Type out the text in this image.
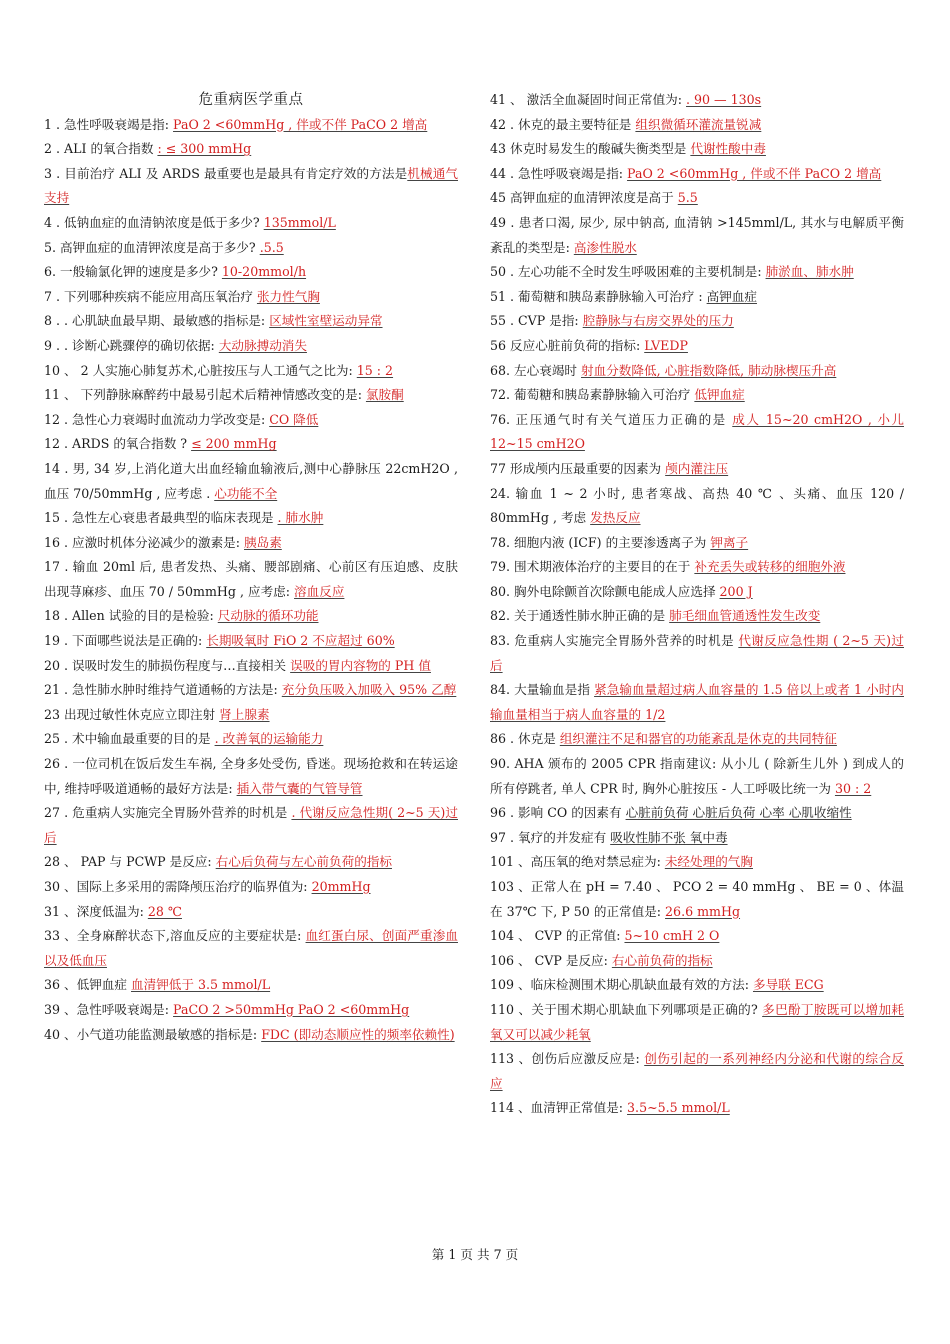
危重病医学重点
1 . 急性呼吸衰竭是指: PaO 2 <60mmHg , 伴或不伴 PaCO 2 增高
2 . ALI 的氧合指数 : ≤ 300 mmHg
3 . 目前治疗 ALI 及 ARDS 最重要也是最具有肯定疗效的方法是机械通气支持
4 . 低钠血症的血清钠浓度是低于多少? 135mmol/L
5. 高钾血症的血清钾浓度是高于多少? .5.5
6. 一般输氯化钾的速度是多少? 10-20mmol/h
7 . 下列哪种疾病不能应用高压氧治疗 张力性气胸
8 . . 心肌缺血最早期、最敏感的指标是: 区域性室壁运动异常
9 . . 诊断心跳骤停的确切依据: 大动脉搏动消失
10 、 2 人实施心肺复苏术,心脏按压与人工通气之比为: 15 : 2
11 、 下列静脉麻醉药中最易引起术后精神情感改变的是: 氯胺酮
12 . 急性心力衰竭时血流动力学改变是: CO 降低
12 . ARDS 的氧合指数 ? ≤ 200 mmHg
14 . 男, 34 岁,上消化道大出血经输血输液后,测中心静脉压 22cmH2O , 血压 70/50mmHg , 应考虑 . 心功能不全
15 . 急性左心衰患者最典型的临床表现是 . 肺水肿
16 . 应激时机体分泌减少的激素是: 胰岛素
17 . 输血 20ml 后, 患者发热、头痛、腰部剧痛、心前区有压迫感、皮肤出现荨麻疹、血压 70 / 50mmHg , 应考虑: 溶血反应
18 . Allen 试验的目的是检验: 尺动脉的循环功能
19 . 下面哪些说法是正确的: 长期吸氧时 FiO 2 不应超过 60%
20 . 误吸时发生的肺损伤程度与…直接相关 误吸的胃内容物的 PH 值
21 . 急性肺水肿时维持气道通畅的方法是: 充分负压吸入加吸入 95% 乙醇
23 出现过敏性休克应立即注射 肾上腺素
25 . 术中输血最重要的目的是 . 改善氧的运输能力
26 . 一位司机在饭后发生车祸, 全身多处受伤, 昏迷。现场抢救和在转运途中, 维持呼吸道通畅的最好方法是: 插入带气囊的气管导管
27 . 危重病人实施完全胃肠外营养的时机是 . 代谢反应急性期( 2~5 天)过后
28 、 PAP 与 PCWP 是反应: 右心后负荷与左心前负荷的指标
30 、国际上多采用的需降颅压治疗的临界值为: 20mmHg
31 、深度低温为: 28 ℃
33 、全身麻醉状态下,溶血反应的主要症状是: 血红蛋白尿、创面严重渗血以及低血压
36 、低钾血症 血清钾低于 3.5 mmol/L
39 、急性呼吸衰竭是: PaCO 2 >50mmHg PaO 2 <60mmHg
40 、小气道功能监测最敏感的指标是: FDC (即动态顺应性的频率依赖性)
41 、 激活全血凝固时间正常值为: . 90 — 130s
42 . 休克的最主要特征是 组织微循环灌流量锐减
43 休克时易发生的酸碱失衡类型是 代谢性酸中毒
44 . 急性呼吸衰竭是指: PaO 2 <60mmHg , 伴或不伴 PaCO 2 增高
45 高钾血症的血清钾浓度是高于 5.5
49 . 患者口渴, 尿少, 尿中钠高, 血清钠 >145mml/L, 其水与电解质平衡紊乱的类型是: 高渗性脱水
50 . 左心功能不全时发生呼吸困难的主要机制是: 肺淤血、肺水肿
51 . 葡萄糖和胰岛素静脉输入可治疗 : 高钾血症
55 . CVP 是指: 腔静脉与右房交界处的压力
56 反应心脏前负荷的指标: LVEDP
68. 左心衰竭时 射血分数降低, 心脏指数降低, 肺动脉楔压升高
72. 葡萄糖和胰岛素静脉输入可治疗 低钾血症
76. 正压通气时有关气道压力正确的是 成人 15~20 cmH2O , 小儿 12~15 cmH2O
77 形成颅内压最重要的因素为 颅内灌注压
24. 输血 1 ~ 2 小时, 患者寒战、高热 40 ℃ 、头痛、血压 120 / 80mmHg , 考虑 发热反应
78. 细胞内液 (ICF) 的主要渗透离子为 钾离子
79. 围术期液体治疗的主要目的在于 补充丢失或转移的细胞外液
80. 胸外电除颤首次除颤电能成人应选择 200 J
82. 关于通透性肺水肿正确的是 肺毛细血管通透性发生改变
83. 危重病人实施完全胃肠外营养的时机是 代谢反应急性期 ( 2~5 天)过后
84. 大量输血是指 紧急输血量超过病人血容量的 1.5 倍以上或者 1 小时内输血量相当于病人血容量的 1/2
86 . 休克是 组织灌注不足和器官的功能紊乱是休克的共同特征
90. AHA 颁布的 2005 CPR 指南建议: 从小儿 ( 除新生儿外 ) 到成人的所有停跳者, 单人 CPR 时, 胸外心脏按压 - 人工呼吸比统一为 30 : 2
96 . 影响 CO 的因素有 心脏前负荷 心脏后负荷 心率 心肌收缩性
97 . 氧疗的并发症有 吸收性肺不张 氧中毒
101 、高压氧的绝对禁忌症为: 未经处理的气胸
103 、正常人在 pH = 7.40 、 PCO 2 = 40 mmHg 、 BE = 0 、体温在 37℃ 下, P 50 的正常值是: 26.6 mmHg
104 、 CVP 的正常值: 5~10 cmH 2 O
106 、 CVP 是反应: 右心前负荷的指标
109 、临床检测围术期心肌缺血最有效的方法: 多导联 ECG
110 、关于围术期心肌缺血下列哪项是正确的? 多巴酚丁胺既可以增加耗氧又可以减少耗氧
113 、创伤后应激反应是: 创伤引起的一系列神经内分泌和代谢的综合反应
114 、血清钾正常值是: 3.5~5.5 mmol/L
第 1 页 共 7 页
